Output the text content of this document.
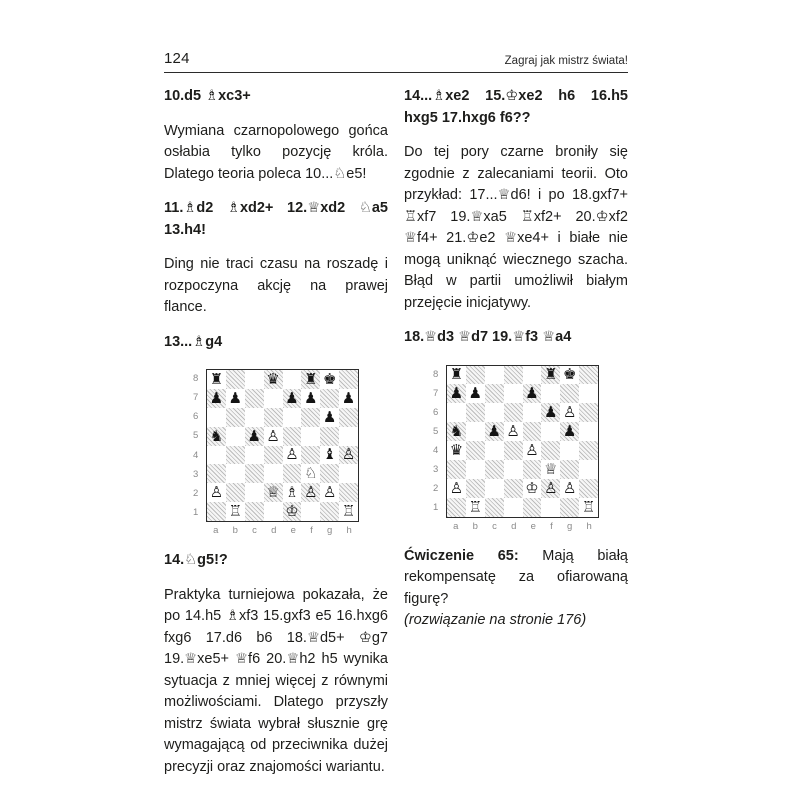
124	Zagraj jak mistrz świata!

10.d5 ♗xc3+

Wymiana czarnopolowego gońca osłabia tylko pozycję króla. Dlatego teoria poleca 10...♘e5!

11.♗d2 ♗xd2+ 12.♕xd2 ♘a5 13.h4!

Ding nie traci czasu na roszadę i rozpoczyna akcję na prawej flance.

13...♗g4

8
7
6
5
4
3
2
1
♜	♛ ♜ ♚
♟ ♟	♟ ♟ ♟
♟
♞ ♟ ♙
♙ ♝ ♙
♘
♙	♕ ♗ ♙ ♙
♖	♔	♖
a b c d e f g h

14.♘g5!?

Praktyka turniejowa pokazała, że po 14.h5 ♗xf3 15.gxf3 e5 16.hxg6 fxg6 17.d6 b6 18.♕d5+ ♔g7 19.♕xe5+ ♕f6 20.♕h2 h5 wynika sytuacja z mniej więcej z równymi możliwościami. Dlatego przyszły mistrz świata wybrał słusznie grę wymagającą od przeciwnika dużej precyzji oraz znajomości wariantu.

14...♗xe2 15.♔xe2 h6 16.h5 hxg5 17.hxg6 f6??

Do tej pory czarne broniły się zgodnie z zalecaniami teorii. Oto przykład: 17...♕d6! i po 18.gxf7+ ♖xf7 19.♕xa5 ♖xf2+ 20.♔xf2 ♕f4+ 21.♔e2 ♕xe4+ i białe nie mogą uniknąć wiecznego szacha. Błąd w partii umożliwił białym przejęcie inicjatywy.

18.♕d3 ♕d7 19.♕f3 ♕a4

8
7
6
5
4
3
2
1
♜	♜ ♚
♟ ♟	♟
♟ ♙
♞ ♟ ♙	♟
♛	♙
♕
♙	♔ ♙ ♙
♖	♖
a b c d e f g h

Ćwiczenie 65: Mają białą rekompensatę za ofiarowaną figurę?
(rozwiązanie na stronie 176)
